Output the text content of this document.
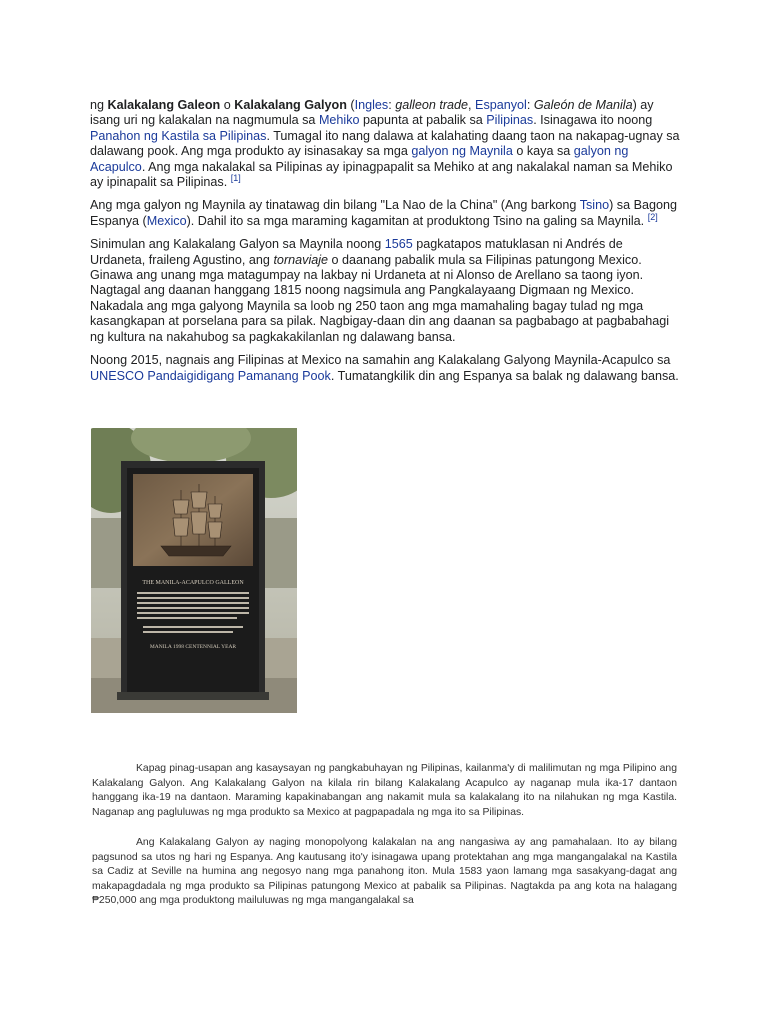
ng Kalakalang Galeon o Kalakalang Galyon (Ingles: galleon trade, Espanyol: Galeón de Manila) ay isang uri ng kalakalan na nagmumula sa Mehiko papunta at pabalik sa Pilipinas. Isinagawa ito noong Panahon ng Kastila sa Pilipinas. Tumagal ito nang dalawa at kalahating daang taon na nakapag-ugnay sa dalawang pook. Ang mga produkto ay isinasakay sa mga galyon ng Maynila o kaya sa galyon ng Acapulco. Ang mga nakalakal sa Pilipinas ay ipinagpapalit sa Mehiko at ang nakalakal naman sa Mehiko ay ipinapalit sa Pilipinas. [1]

Ang mga galyon ng Maynila ay tinatawag din bilang "La Nao de la China" (Ang barkong Tsino) sa Bagong Espanya (Mexico). Dahil ito sa mga maraming kagamitan at produktong Tsino na galing sa Maynila. [2]

Sinimulan ang Kalakalang Galyon sa Maynila noong 1565 pagkatapos matuklasan ni Andrés de Urdaneta, fraileng Agustino, ang tornaviaje o daanang pabalik mula sa Filipinas patungong Mexico. Ginawa ang unang mga matagumpay na lakbay ni Urdaneta at ni Alonso de Arellano sa taong iyon. Nagtagal ang daanan hanggang 1815 noong nagsimula ang Pangkalayaang Digmaan ng Mexico. Nakadala ang mga galyong Maynila sa loob ng 250 taon ang mga mamahaling bagay tulad ng mga kasangkapan at porselana para sa pilak. Nagbigay-daan din ang daanan sa pagbabago at pagbabahagi ng kultura na nakahubog sa pagkakakilanlan ng dalawang bansa.

Noong 2015, nagnais ang Filipinas at Mexico na samahin ang Kalakalang Galyong Maynila-Acapulco sa UNESCO Pandaigidigang Pamanang Pook. Tumatangkilik din ang Espanya sa balak ng dalawang bansa.

THE MANILA-ACAPULCO GALLEON
MANILA 1998 CENTENNIAL YEAR

Kapag pinag-usapan ang kasaysayan ng pangkabuhayan ng Pilipinas, kailanma'y di malilimutan ng mga Pilipino ang Kalakalang Galyon. Ang Kalakalang Galyon na kilala rin bilang Kalakalang Acapulco ay naganap mula ika-17 dantaon hanggang ika-19 na dantaon. Maraming kapakinabangan ang nakamit mula sa kalakalang ito na nilahukan ng mga Kastila. Naganap ang pagluluwas ng mga produkto sa Mexico at pagpapadala ng mga ito sa Pilipinas.

Ang Kalakalang Galyon ay naging monopolyong kalakalan na ang nangasiwa ay ang pamahalaan. Ito ay bilang pagsunod sa utos ng hari ng Espanya. Ang kautusang ito'y isinagawa upang protektahan ang mga mangangalakal na Kastila sa Cadiz at Seville na humina ang negosyo nang mga panahong iton. Mula 1583 yaon lamang mga sasakyang-dagat ang makapagdadala ng mga produkto sa Pilipinas patungong Mexico at pabalik sa Pilipinas. Nagtakda pa ang kota na halagang ₱250,000 ang mga produktong mailuluwas ng mga mangangalakal sa
